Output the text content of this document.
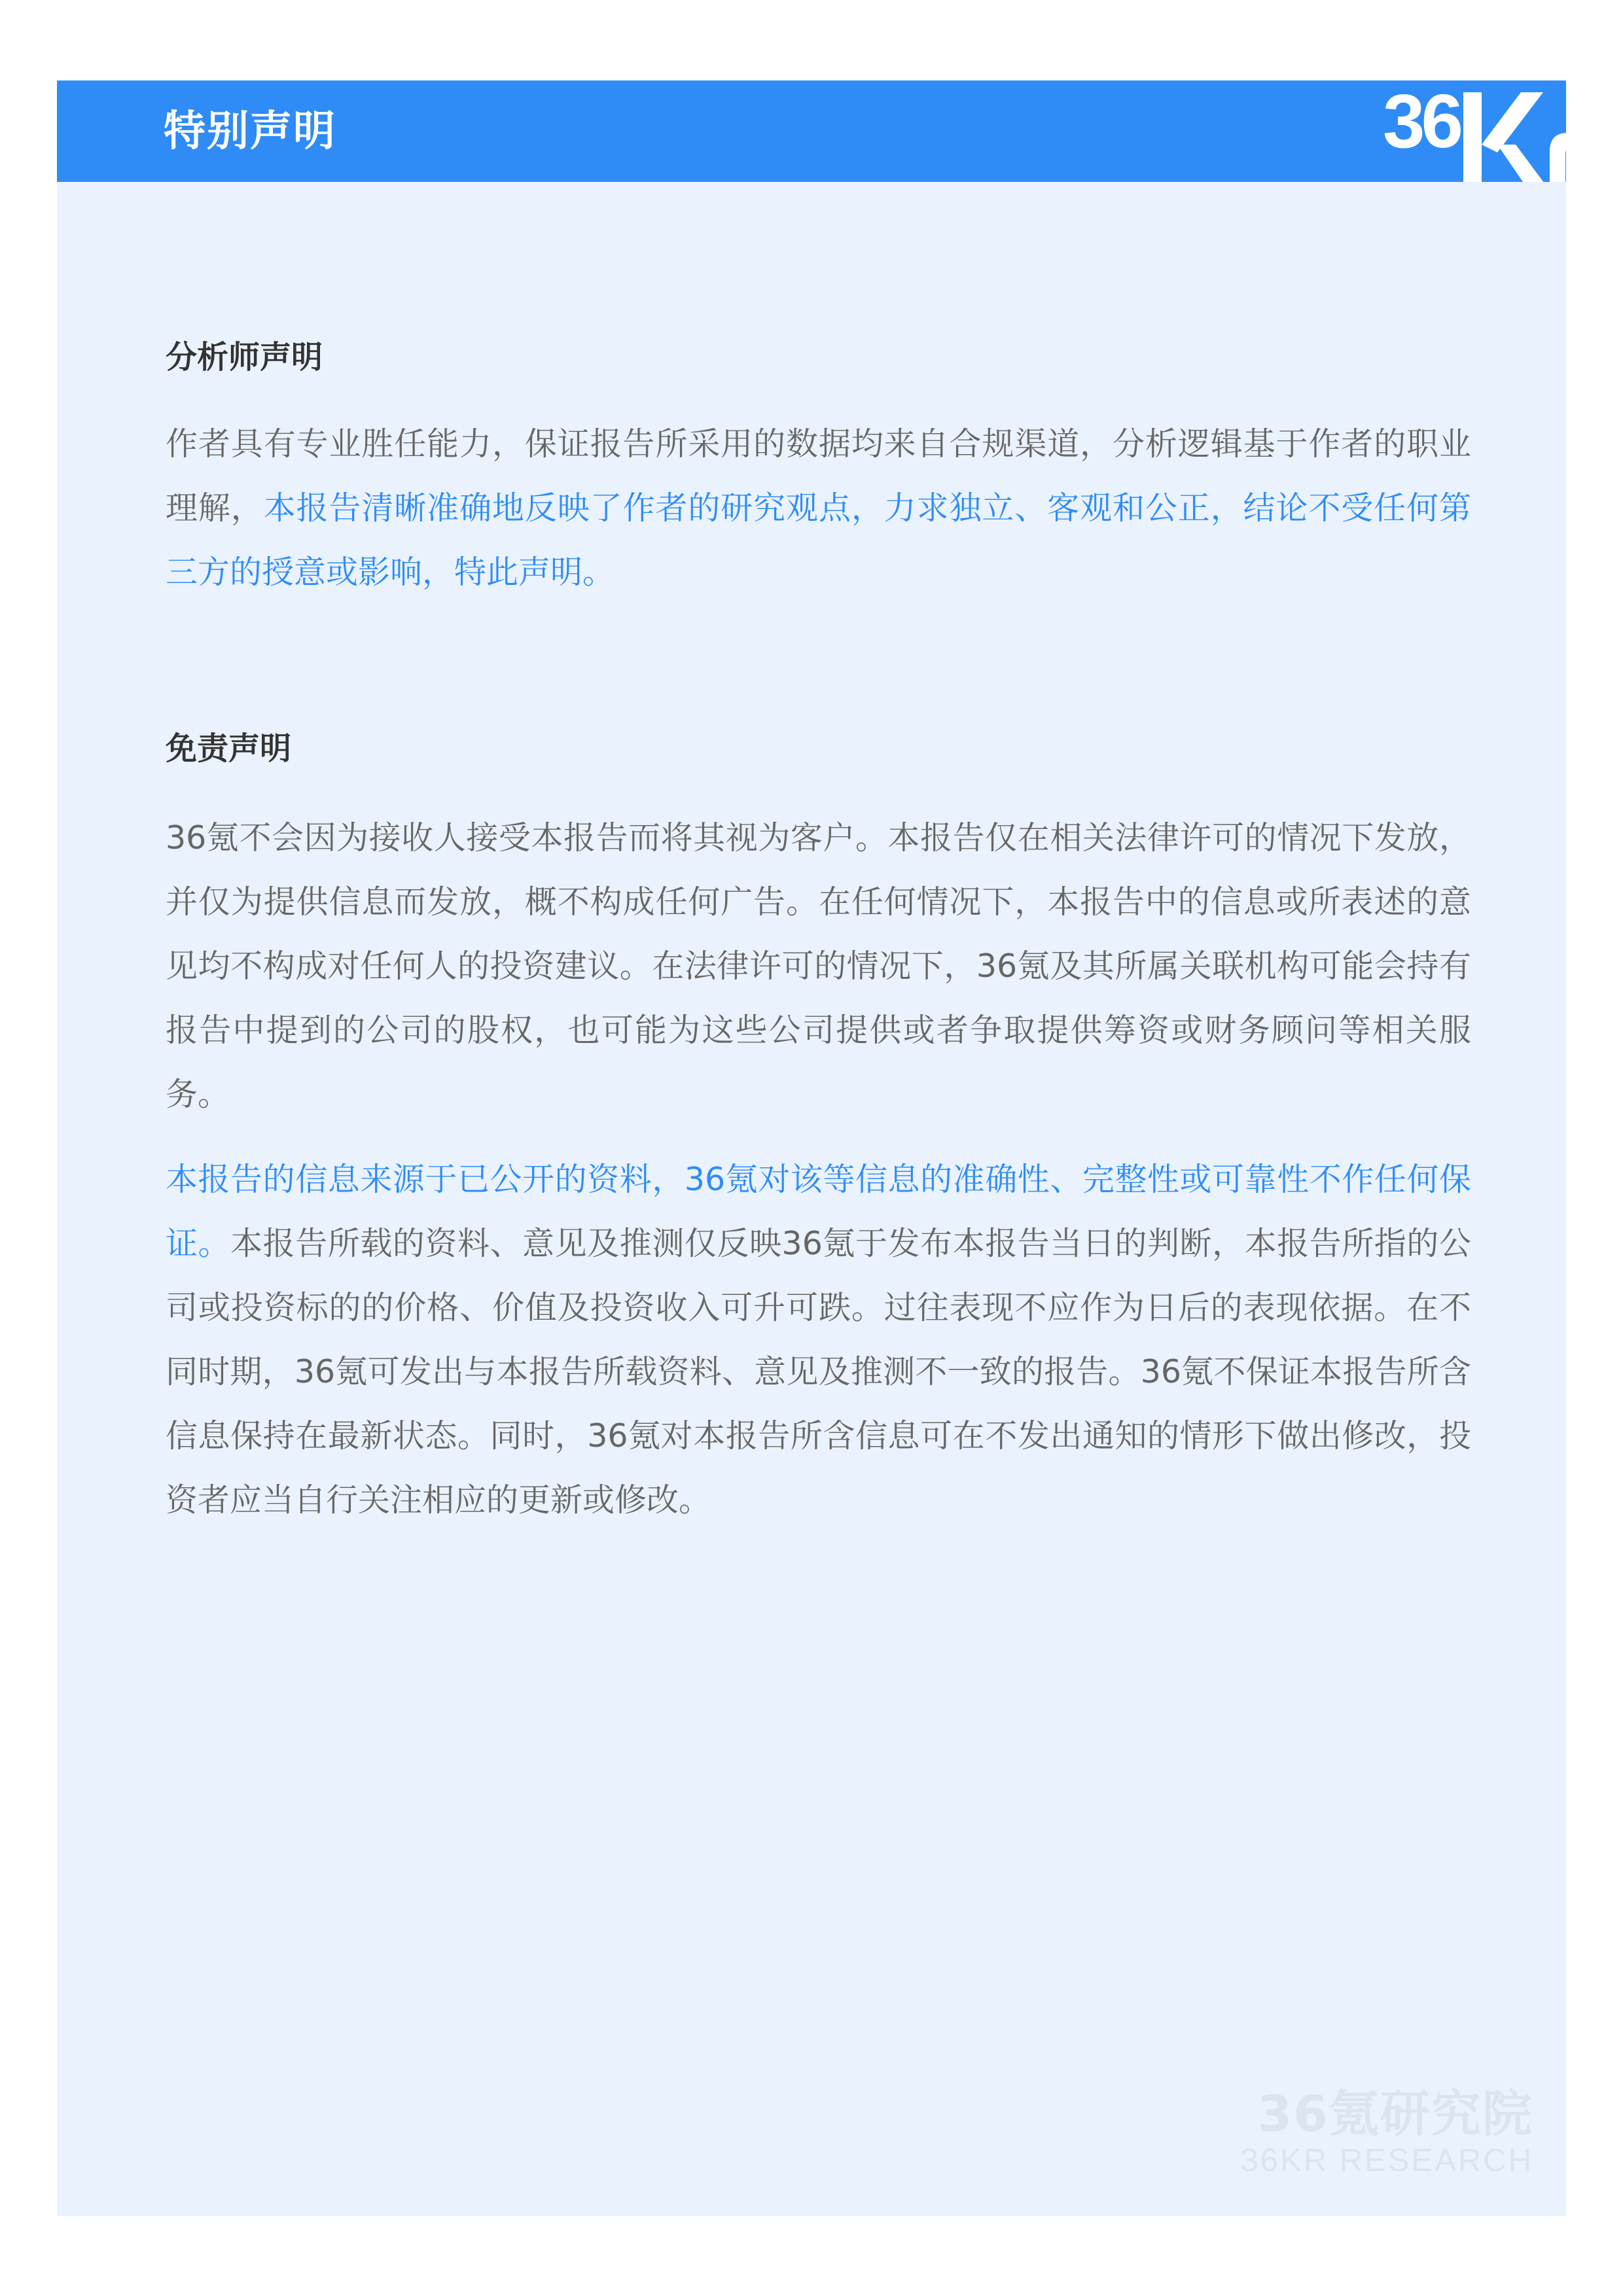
特别声明	36
分析师声明

作者具有专业胜任能力，保证报告所采用的数据均来自合规渠道，分析逻辑基于作者的职业理解，本报告清晰准确地反映了作者的研究观点，力求独立、客观和公正，结论不受任何第三方的授意或影响，特此声明。

免责声明

36氪不会因为接收人接受本报告而将其视为客户。本报告仅在相关法律许可的情况下发放，并仅为提供信息而发放，概不构成任何广告。在任何情况下，本报告中的信息或所表述的意见均不构成对任何人的投资建议。在法律许可的情况下，36氪及其所属关联机构可能会持有报告中提到的公司的股权，也可能为这些公司提供或者争取提供筹资或财务顾问等相关服务。

本报告的信息来源于已公开的资料，36氪对该等信息的准确性、完整性或可靠性不作任何保证。本报告所载的资料、意见及推测仅反映36氪于发布本报告当日的判断，本报告所指的公司或投资标的的价格、价值及投资收入可升可跌。过往表现不应作为日后的表现依据。在不同时期，36氪可发出与本报告所载资料、意见及推测不一致的报告。36氪不保证本报告所含信息保持在最新状态。同时，36氪对本报告所含信息可在不发出通知的情形下做出修改，投资者应当自行关注相应的更新或修改。

36氪研究院
36KR RESEARCH
